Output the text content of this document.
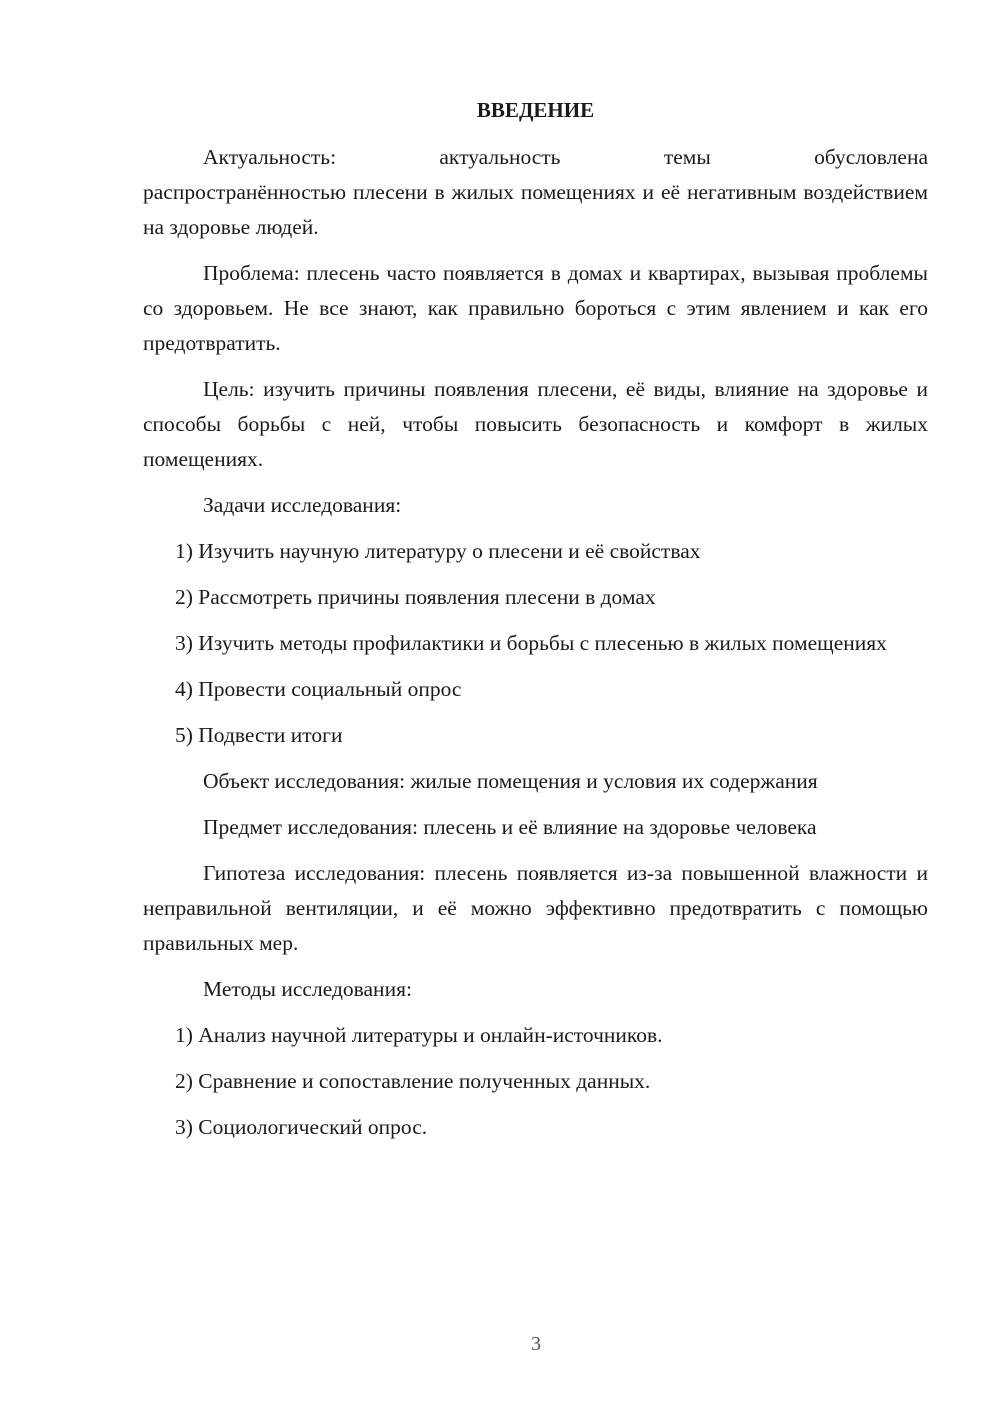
ВВЕДЕНИЕ
Актуальность: актуальность темы обусловлена
распространённостью плесени в жилых помещениях и её негативным воздействием на здоровье людей.
Проблема: плесень часто появляется в домах и квартирах, вызывая проблемы со здоровьем. Не все знают, как правильно бороться с этим явлением и как его предотвратить.
Цель: изучить причины появления плесени, её виды, влияние на здоровье и способы борьбы с ней, чтобы повысить безопасность и комфорт в жилых помещениях.
Задачи исследования:
1) Изучить научную литературу о плесени и её свойствах
2) Рассмотреть причины появления плесени в домах
3) Изучить методы профилактики и борьбы с плесенью в жилых помещениях
4) Провести социальный опрос
5) Подвести итоги
Объект исследования: жилые помещения и условия их содержания
Предмет исследования: плесень и её влияние на здоровье человека
Гипотеза исследования: плесень появляется из-за повышенной влажности и неправильной вентиляции, и её можно эффективно предотвратить с помощью правильных мер.
Методы исследования:
1) Анализ научной литературы и онлайн-источников.
2) Сравнение и сопоставление полученных данных.
3) Социологический опрос.
3
